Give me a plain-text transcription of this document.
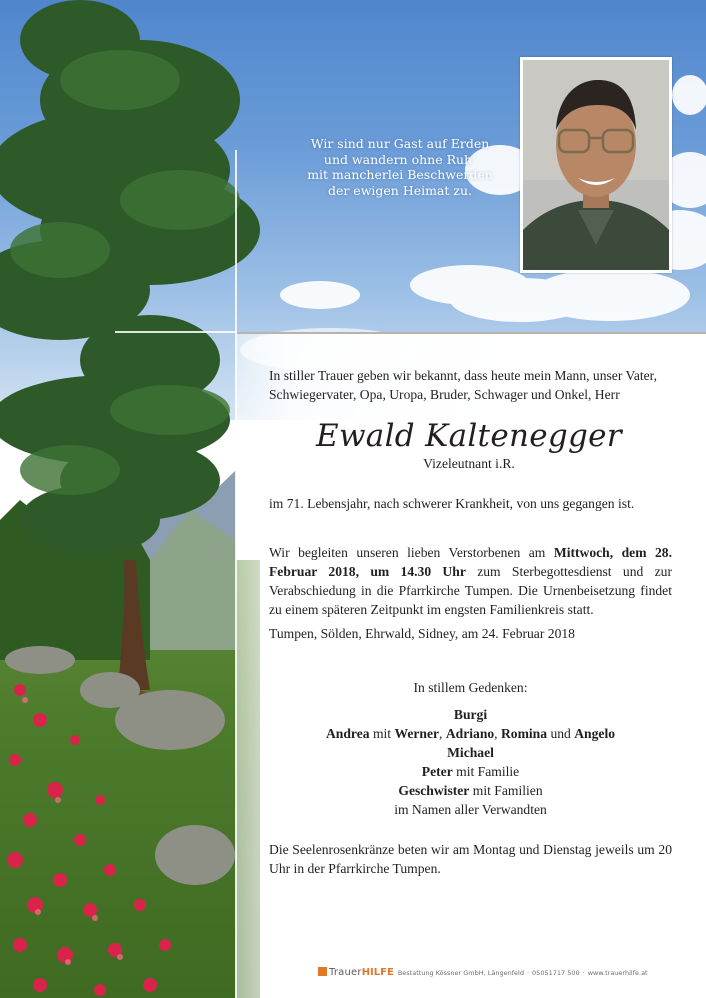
Wir sind nur Gast auf Erden
und wandern ohne Ruh’
mit mancherlei Beschwerden
der ewigen Heimat zu.
In stiller Trauer geben wir bekannt, dass heute mein Mann, unser Vater,
Schwiegervater, Opa, Uropa, Bruder, Schwager und Onkel, Herr
Ewald Kaltenegger
Vizeleutnant i.R.
im 71. Lebensjahr, nach schwerer Krankheit, von uns gegangen ist.
Wir begleiten unseren lieben Verstorbenen am Mittwoch, dem 28. Februar 2018, um 14.30 Uhr zum Sterbegottesdienst und zur Verabschiedung in die Pfarrkirche Tumpen. Die Urnenbeisetzung findet zu einem späteren Zeitpunkt im engsten Familienkreis statt.
Tumpen, Sölden, Ehrwald, Sidney, am 24. Februar 2018
In stillem Gedenken:
Burgi
Andrea mit Werner, Adriano, Romina und Angelo
Michael
Peter mit Familie
Geschwister mit Familien
im Namen aller Verwandten
Die Seelenrosenkränze beten wir am Montag und Dienstag jeweils um 20 Uhr in der Pfarrkirche Tumpen.
TrauerHILFE Bestattung Kössner GmbH, Längenfeld · 05051717 500 · www.trauerhilfe.at
